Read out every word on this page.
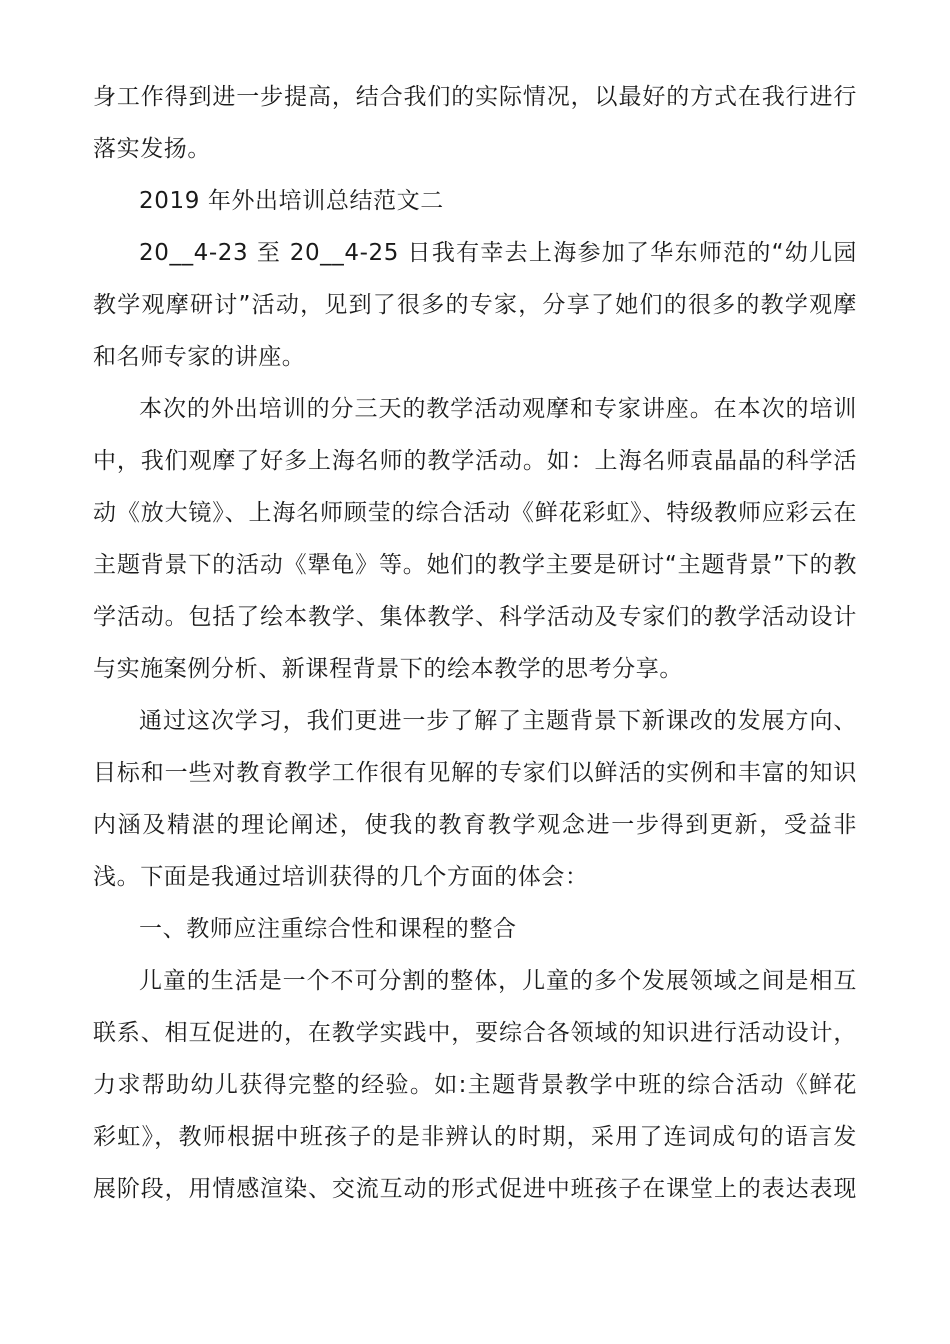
身工作得到进一步提高，结合我们的实际情况，以最好的方式在我行进行
落实发扬。
2019 年外出培训总结范文二
20__4-23 至 20__4-25 日我有幸去上海参加了华东师范的“幼儿园
教学观摩研讨”活动，见到了很多的专家，分享了她们的很多的教学观摩
和名师专家的讲座。
本次的外出培训的分三天的教学活动观摩和专家讲座。在本次的培训
中，我们观摩了好多上海名师的教学活动。如：上海名师袁晶晶的科学活
动《放大镜》、上海名师顾莹的综合活动《鲜花彩虹》、特级教师应彩云在
主题背景下的活动《犟龟》等。她们的教学主要是研讨“主题背景”下的教
学活动。包括了绘本教学、集体教学、科学活动及专家们的教学活动设计
与实施案例分析、新课程背景下的绘本教学的思考分享。
通过这次学习，我们更进一步了解了主题背景下新课改的发展方向、
目标和一些对教育教学工作很有见解的专家们以鲜活的实例和丰富的知识
内涵及精湛的理论阐述，使我的教育教学观念进一步得到更新，受益非
浅。下面是我通过培训获得的几个方面的体会：
一、教师应注重综合性和课程的整合
儿童的生活是一个不可分割的整体，儿童的多个发展领域之间是相互
联系、相互促进的，在教学实践中，要综合各领域的知识进行活动设计，
力求帮助幼儿获得完整的经验。如:主题背景教学中班的综合活动《鲜花
彩虹》，教师根据中班孩子的是非辨认的时期，采用了连词成句的语言发
展阶段，用情感渲染、交流互动的形式促进中班孩子在课堂上的表达表现
